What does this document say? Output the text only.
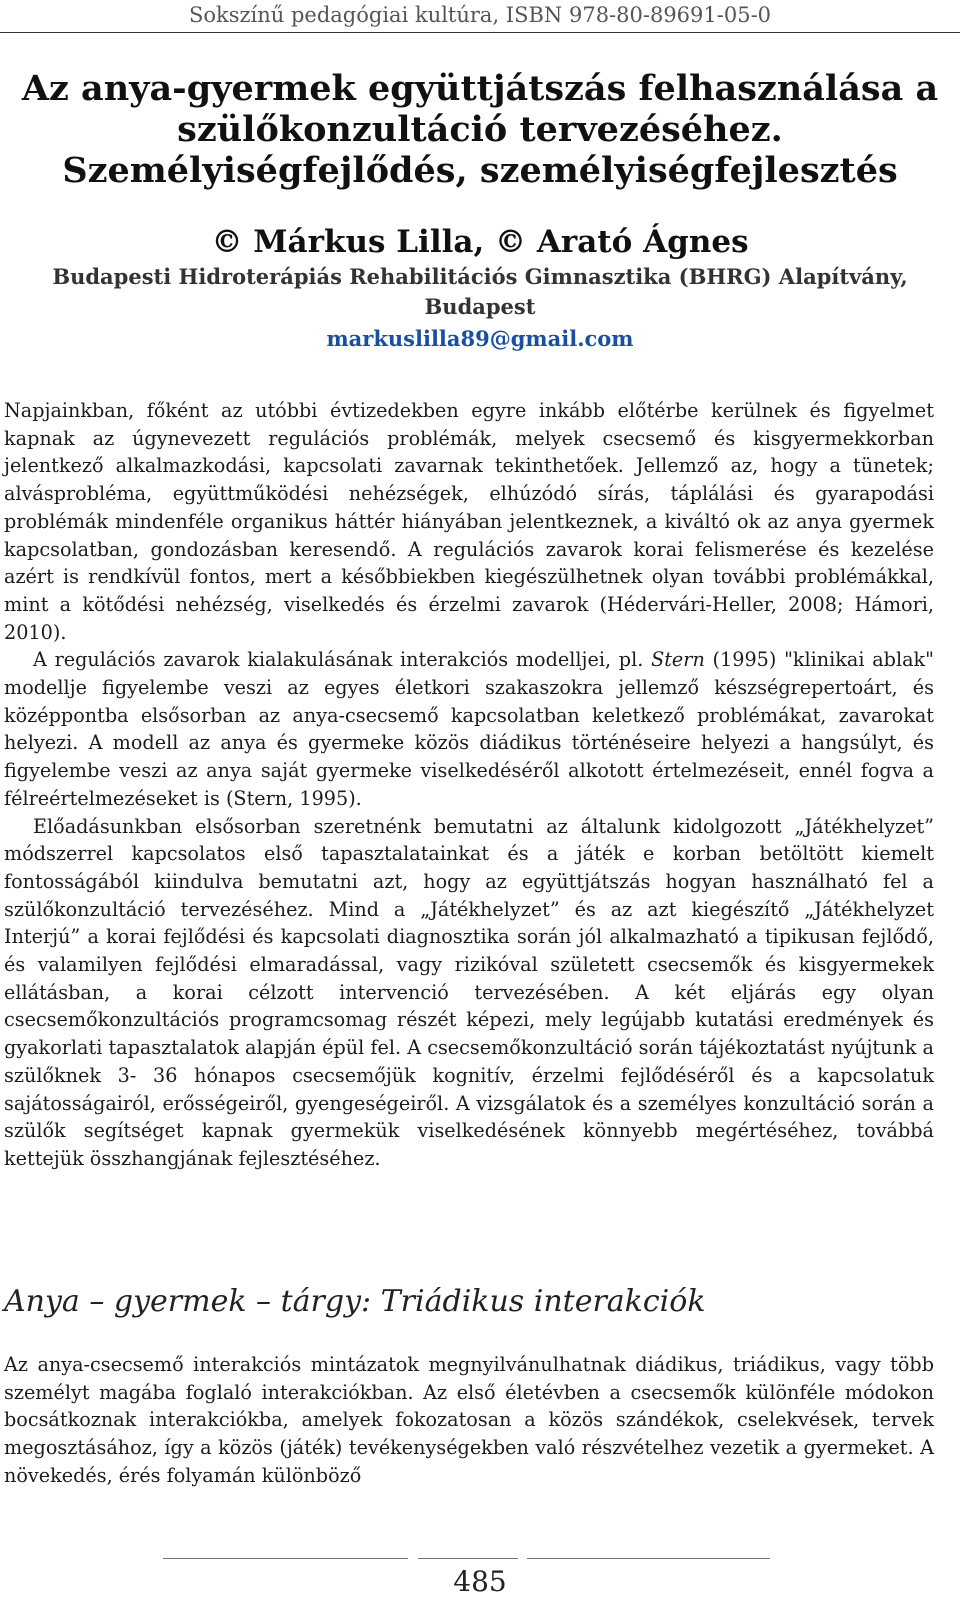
Sokszínű pedagógiai kultúra, ISBN 978-80-89691-05-0

Az anya-gyermek együttjátszás felhasználása a

szülőkonzultáció tervezéséhez.

Személyiségfejlődés, személyiségfejlesztés

© Márkus Lilla, © Arató Ágnes
Budapesti Hidroterápiás Rehabilitációs Gimnasztika (BHRG) Alapítvány,
Budapest
markuslilla89@gmail.com

Napjainkban, főként az utóbbi évtizedekben egyre inkább előtérbe kerülnek és figyelmet kapnak az úgynevezett regulációs problémák, melyek csecsemő és kisgyermekkorban jelentkező alkalmazkodási, kapcsolati zavarnak tekinthetőek. Jellemző az, hogy a tünetek; alvásprobléma, együttműködési nehézségek, elhúzódó sírás, táplálási és gyarapodási problémák mindenféle organikus háttér hiányában jelentkeznek, a kiváltó ok az anya gyermek kapcsolatban, gondozásban keresendő. A regulációs zavarok korai felismerése és kezelése azért is rendkívül fontos, mert a későbbiekben kiegészülhetnek olyan további problémákkal, mint a kötődési nehézség, viselkedés és érzelmi zavarok (Hédervári-Heller, 2008; Hámori, 2010).

A regulációs zavarok kialakulásának interakciós modelljei, pl. Stern (1995) "klinikai ablak" modellje figyelembe veszi az egyes életkori szakaszokra jellemző készségrepertoárt, és középpontba elsősorban az anya-csecsemő kapcsolatban keletkező problémákat, zavarokat helyezi. A modell az anya és gyermeke közös diádikus történéseire helyezi a hangsúlyt, és figyelembe veszi az anya saját gyermeke viselkedéséről alkotott értelmezéseit, ennél fogva a félreértelmezéseket is (Stern, 1995).

Előadásunkban elsősorban szeretnénk bemutatni az általunk kidolgozott „Játékhelyzet” módszerrel kapcsolatos első tapasztalatainkat és a játék e korban betöltött kiemelt fontosságából kiindulva bemutatni azt, hogy az együttjátszás hogyan használható fel a szülőkonzultáció tervezéséhez. Mind a „Játékhelyzet” és az azt kiegészítő „Játékhelyzet Interjú” a korai fejlődési és kapcsolati diagnosztika során jól alkalmazható a tipikusan fejlődő, és valamilyen fejlődési elmaradással, vagy rizikóval született csecsemők és kisgyermekek ellátásban, a korai célzott intervenció tervezésében. A két eljárás egy olyan csecsemőkonzultációs programcsomag részét képezi, mely legújabb kutatási eredmények és gyakorlati tapasztalatok alapján épül fel. A csecsemőkonzultáció során tájékoztatást nyújtunk a szülőknek 3- 36 hónapos csecsemőjük kognitív, érzelmi fejlődéséről és a kapcsolatuk sajátosságairól, erősségeiről, gyengeségeiről. A vizsgálatok és a személyes konzultáció során a szülők segítséget kapnak gyermekük viselkedésének könnyebb megértéséhez, továbbá kettejük összhangjának fejlesztéséhez.

Anya – gyermek – tárgy: Triádikus interakciók

Az anya-csecsemő interakciós mintázatok megnyilvánulhatnak diádikus, triádikus, vagy több személyt magába foglaló interakciókban. Az első életévben a csecsemők különféle módokon bocsátkoznak interakciókba, amelyek fokozatosan a közös szándékok, cselekvések, tervek megosztásához, így a közös (játék) tevékenységekben való részvételhez vezetik a gyermeket. A növekedés, érés folyamán különböző

485
